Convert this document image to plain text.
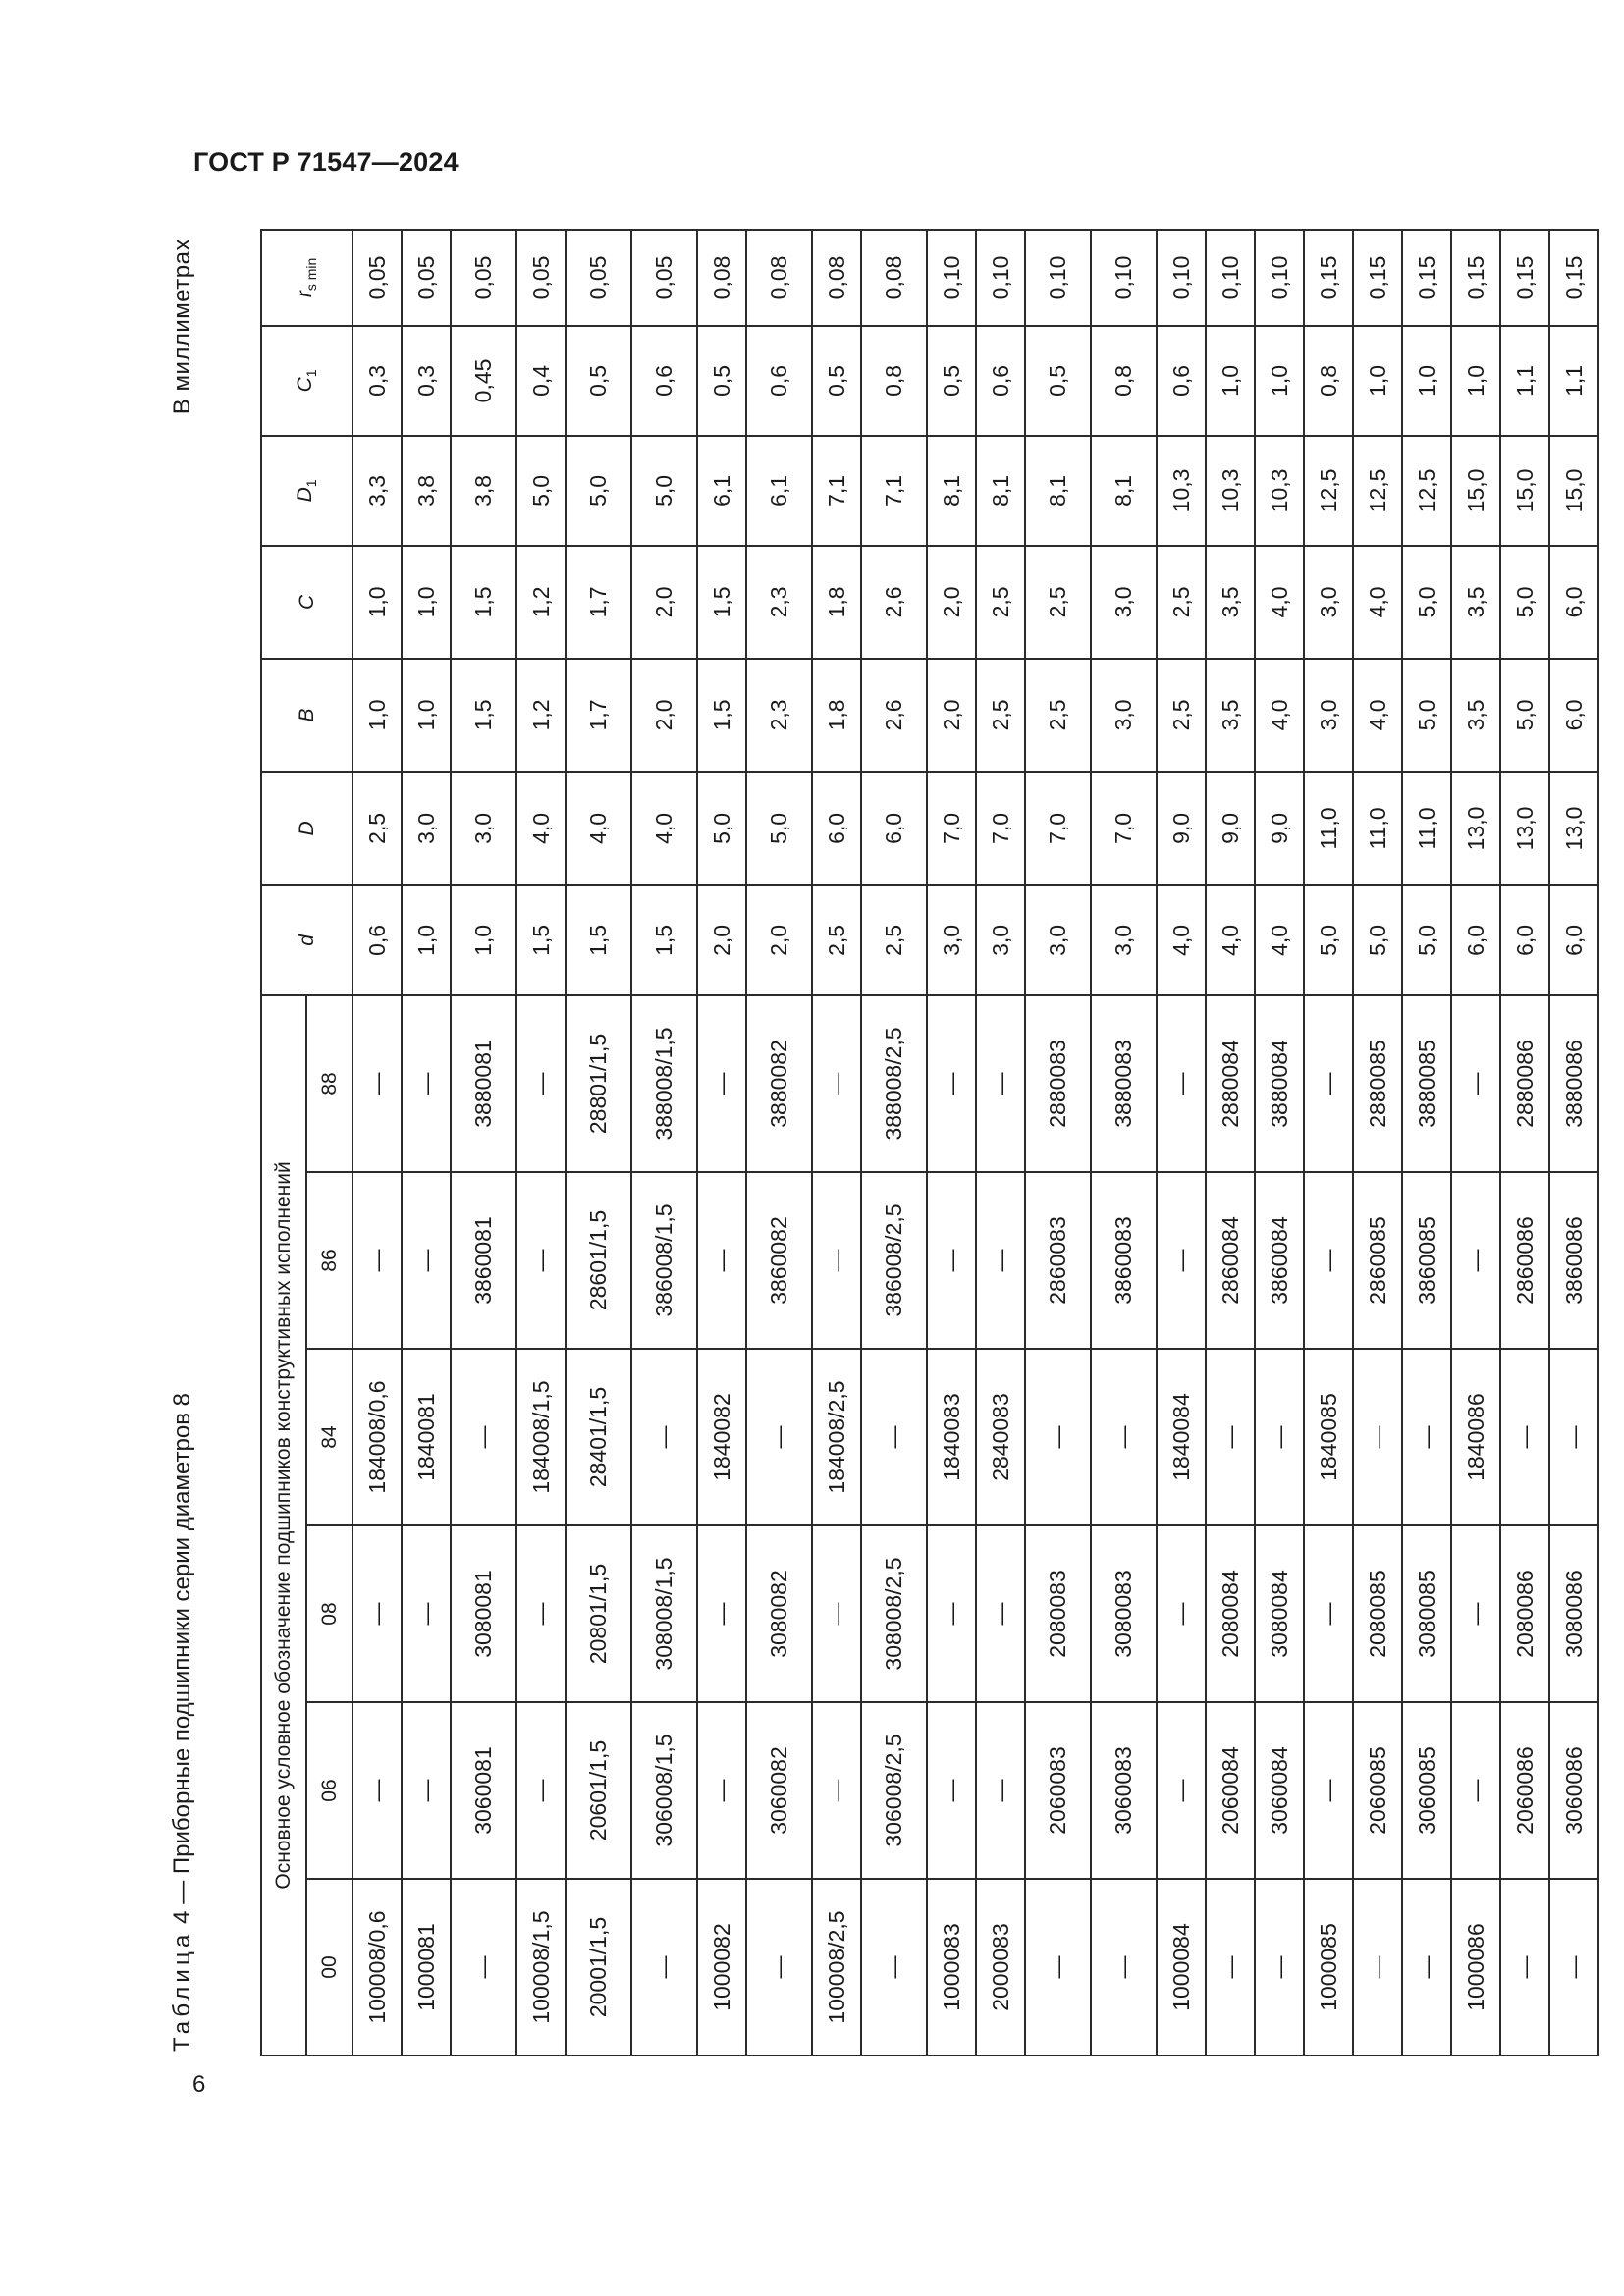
ГОСТ Р 71547—2024
6
Таблица 4 — Приборные подшипники серии диаметров 8
В миллиметрах
Основное условное обозначение подшипников конструктивных исполнений						d	D	B	C	$D_1$	$C_1$	$r_{s min}$
00	06	08	84	86	88							
100008/0,6	—	—	184008/0,6	—	—	0,6	2,5	1,0	1,0	3,3	0,3	0,05
1000081	—	—	1840081	—	—	1,0	3,0	1,0	1,0	3,8	0,3	0,05
—	3060081	3080081	—	3860081	3880081	1,0	3,0	1,5	1,5	3,8	0,45	0,05
100008/1,5	—	—	184008/1,5	—	—	1,5	4,0	1,2	1,2	5,0	0,4	0,05
20001/1,5	20601/1,5	20801/1,5	28401/1,5	28601/1,5	28801/1,5	1,5	4,0	1,7	1,7	5,0	0,5	0,05
—	306008/1,5	308008/1,5	—	386008/1,5	388008/1,5	1,5	4,0	2,0	2,0	5,0	0,6	0,05
1000082	—	—	1840082	—	—	2,0	5,0	1,5	1,5	6,1	0,5	0,08
—	3060082	3080082	—	3860082	3880082	2,0	5,0	2,3	2,3	6,1	0,6	0,08
100008/2,5	—	—	184008/2,5	—	—	2,5	6,0	1,8	1,8	7,1	0,5	0,08
—	306008/2,5	308008/2,5	—	386008/2,5	388008/2,5	2,5	6,0	2,6	2,6	7,1	0,8	0,08
1000083	—	—	1840083	—	—	3,0	7,0	2,0	2,0	8,1	0,5	0,10
2000083	—	—	2840083	—	—	3,0	7,0	2,5	2,5	8,1	0,6	0,10
—	2060083	2080083	—	2860083	2880083	3,0	7,0	2,5	2,5	8,1	0,5	0,10
—	3060083	3080083	—	3860083	3880083	3,0	7,0	3,0	3,0	8,1	0,8	0,10
1000084	—	—	1840084	—	—	4,0	9,0	2,5	2,5	10,3	0,6	0,10
—	2060084	2080084	—	2860084	2880084	4,0	9,0	3,5	3,5	10,3	1,0	0,10
—	3060084	3080084	—	3860084	3880084	4,0	9,0	4,0	4,0	10,3	1,0	0,10
1000085	—	—	1840085	—	—	5,0	11,0	3,0	3,0	12,5	0,8	0,15
—	2060085	2080085	—	2860085	2880085	5,0	11,0	4,0	4,0	12,5	1,0	0,15
—	3060085	3080085	—	3860085	3880085	5,0	11,0	5,0	5,0	12,5	1,0	0,15
1000086	—	—	1840086	—	—	6,0	13,0	3,5	3,5	15,0	1,0	0,15
—	2060086	2080086	—	2860086	2880086	6,0	13,0	5,0	5,0	15,0	1,1	0,15
—	3060086	3080086	—	3860086	3880086	6,0	13,0	6,0	6,0	15,0	1,1	0,15
